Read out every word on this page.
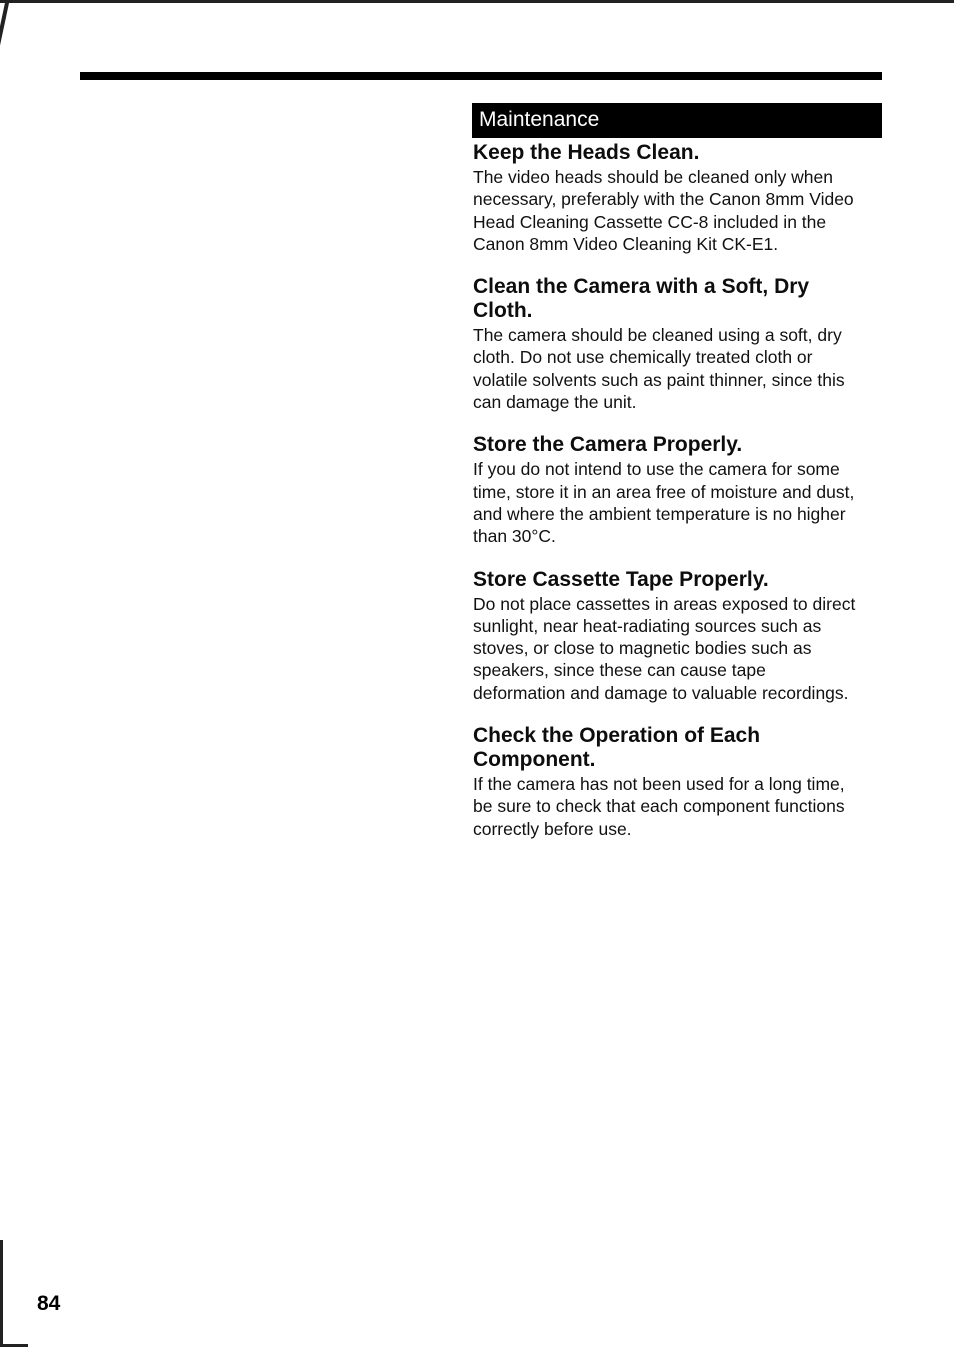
Maintenance
Keep the Heads Clean.

The video heads should be cleaned only when
necessary, preferably with the Canon 8mm Video
Head Cleaning Cassette CC-8 included in the
Canon 8mm Video Cleaning Kit CK-E1.

Clean the Camera with a Soft, Dry
Cloth.

The camera should be cleaned using a soft, dry
cloth. Do not use chemically treated cloth or
volatile solvents such as paint thinner, since this
can damage the unit.

Store the Camera Properly.

If you do not intend to use the camera for some
time, store it in an area free of moisture and dust,
and where the ambient temperature is no higher
than 30°C.

Store Cassette Tape Properly.

Do not place cassettes in areas exposed to direct
sunlight, near heat-radiating sources such as
stoves, or close to magnetic bodies such as
speakers, since these can cause tape
deformation and damage to valuable recordings.

Check the Operation of Each
Component.

If the camera has not been used for a long time,
be sure to check that each component functions
correctly before use.

84
